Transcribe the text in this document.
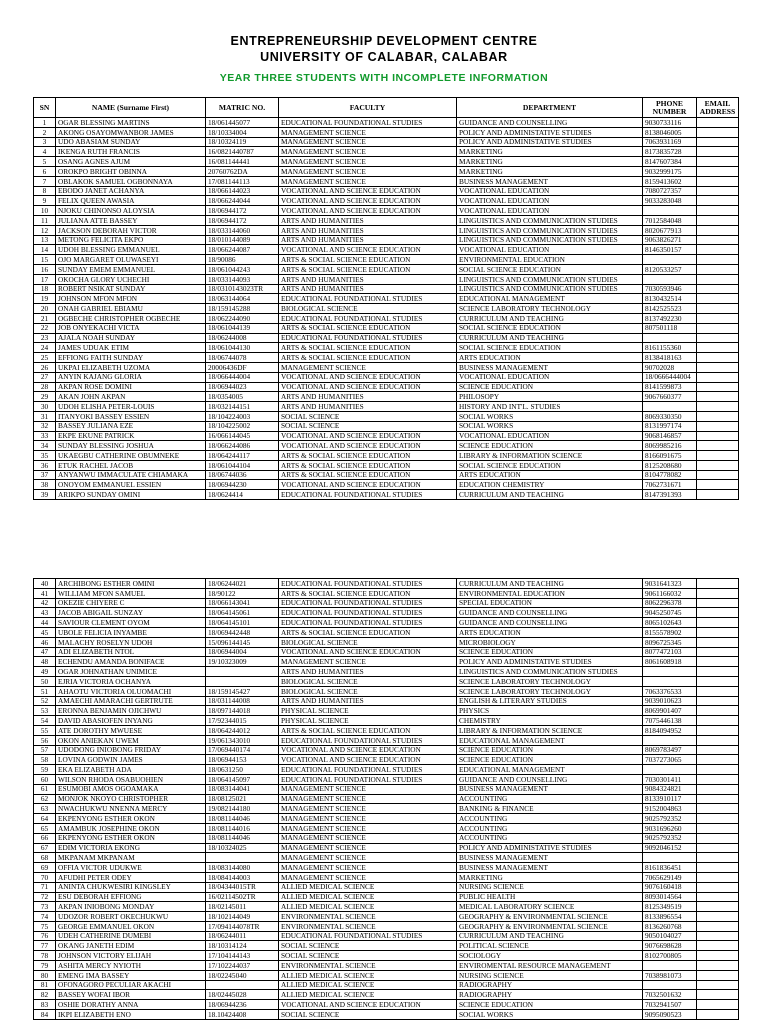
ENTREPRENEURSHIP DEVELOPMENT CENTRE
UNIVERSITY OF CALABAR, CALABAR
YEAR THREE STUDENTS WITH INCOMPLETE INFORMATION
SN	NAME (Surname First)	MATRIC NO.	FACULTY	DEPARTMENT	PHONE NUMBER	EMAIL ADDRESS
1	OGAR BLESSING MARTINS	18/061445077	EDUCATIONAL FOUNDATIONAL STUDIES	GUIDANCE AND COUNSELLING	9030733116	
2	AKONG OSAYOMWANBOR JAMES	18/10334004	MANAGEMENT SCIENCE	POLICY AND ADMINISTATIVE STUDIES	8138046005	
3	UDO ABASIAM SUNDAY	18/10324119	MANAGEMENT SCIENCE	POLICY AND ADMINISTATIVE STUDIES	7063931169	
4	IKENGA RUTH FRANCIS	16/0821440787	MANAGEMENT SCIENCE	MARKETING	8173835728	
5	OSANG AGNES AJUM	16/081144441	MANAGEMENT SCIENCE	MARKETING	8147607384	
6	OROKPO BRIGHT OBINNA	20760762DA	MANAGEMENT SCIENCE	MARKETING	9032999175	
7	OBLAKOK SAMUEL OGBONNAYA	17/081144113	MANAGEMENT SCIENCE	BUSINESS MANAGEMENT	8159413602	
8	EBODO JANET ACHANYA	18/066144023	VOCATIONAL AND SCIENCE EDUCATION	VOCATIONAL EDUCATION	7080727357	
9	FELIX QUEEN AWASIA	18/066244044	VOCATIONAL AND SCIENCE EDUCATION	VOCATIONAL EDUCATION	9033283048	
10	NJOKU CHINONSO ALOYSIA	18/06944172	VOCATIONAL AND SCIENCE EDUCATION	VOCATIONAL EDUCATION		
11	JULIANA ATTE BASSEY	18/06944172	ARTS AND HUMANITIES	LINGUISTICS AND COMMUNICATION STUDIES	7012584048	
12	JACKSON DEBORAH VICTOR	18/033144060	ARTS AND HUMANITIES	LINGUISTICS AND COMMUNICATION STUDIES	8020677913	
13	METONG FELICITA EKPO	18/010144089	ARTS AND HUMANITIES	LINGUISTICS AND COMMUNICATION STUDIES	9063826271	
14	UDOH BLESSING EMMANUEL	18/066244087	VOCATIONAL AND SCIENCE EDUCATION	VOCATIONAL EDUCATION	8146350157	
15	OJO MARGARET OLUWASEYI	18/90086	ARTS & SOCIAL SCIENCE EDUCATION	ENVIRONMENTAL EDUCATION		
16	SUNDAY EMEM EMMANUEL	18/061044243	ARTS & SOCIAL SCIENCE EDUCATION	SOCIAL SCIENCE EDUCATION	8120533257	
17	OKOCHA GLORY UCHECHI	18/033144093	ARTS AND HUMANITIES	LINGUISTICS AND COMMUNICATION STUDIES		
18	ROBERT NSIKAT SUNDAY	18/0310143023TR	ARTS AND HUMANITIES	LINGUISTICS AND COMMUNICATION STUDIES	7030593946	
19	JOHNSON MFON MFON	18/063144064	EDUCATIONAL FOUNDATIONAL STUDIES	EDUCATIONAL MANAGEMENT	8130432514	
20	ONAH GABRIEL EBIAMU	18/159145288	BIOLOGICAL SCIENCE	SCIENCE LABORATORY TECHNOLOGY	8142525523	
21	OGBECHE CHRISTOPHER OGBECHE	18/062244090	EDUCATIONAL FOUNDATIONAL STUDIES	CURRICULUM AND TEACHING	8137492230	
22	JOB ONYEKACHI VICTA	18/061044139	ARTS & SOCIAL SCIENCE EDUCATION	SOCIAL SCIENCE EDUCATION	807501118	
23	AJALA NOAH SUNDAY	18/06244008	EDUCATIONAL FOUNDATIONAL STUDIES	CURRICULUM AND TEACHING		
24	JAMES UDUAK ETIM	18/061044130	ARTS & SOCIAL SCIENCE EDUCATION	SOCIAL SCIENCE EDUCATION	8161155360	
25	EFFIONG FAITH SUNDAY	18/06744078	ARTS & SOCIAL SCIENCE EDUCATION	ARTS EDUCATION	8138418163	
26	UKPAI ELIZABETH UZOMA	20006436DF	MANAGEMENT SCIENCE	BUSINESS MANAGEMENT	90702028	
27	ANYIN KAJANG GLORIA	18/066444004	VOCATIONAL AND SCIENCE EDUCATION	VOCATIONAL EDUCATION	18/0666444004	
28	AKPAN ROSE DOMINI	18/06944023	VOCATIONAL AND SCIENCE EDUCATION	SCIENCE EDUCATION	8141599873	
29	AKAN JOHN AKPAN	18/0354005	ARTS AND HUMANITIES	PHILOSOPY	9067660377	
30	UDOH ELISHA PETER-LOUIS	18/032144151	ARTS AND HUMANITIES	HISTORY AND INT'L. STUDIES		
31	ITANYOKI BASSEY ESSIEN	18/104224003	SOCIAL SCIENCE	SOCIAL WORKS	8069330350	
32	BASSEY JULIANA EZE	18/104225002	SOCIAL SCIENCE	SOCIAL WORKS	8131997174	
33	EKPE EKUNE PATRICK	16/066144045	VOCATIONAL AND SCIENCE EDUCATION	VOCATIONAL EDUCATION	9068146857	
34	SUNDAY BLESSING JOSHUA	18/066244086	VOCATIONAL AND SCIENCE EDUCATION	SCIENCE EDUCATION	8069985216	
35	UKAEGBU CATHERINE OBUMNEKE	18/064244117	ARTS & SOCIAL SCIENCE EDUCATION	LIBRARY & INFORMATION SCIENCE	8166091675	
36	ETUK RACHEL JACOB	18/061044104	ARTS & SOCIAL SCIENCE EDUCATION	SOCIAL SCIENCE EDUCATION	8125208680	
37	ANYANWU IMMACULATE CHIAMAKA	18/06744036	ARTS & SOCIAL SCIENCE EDUCATION	ARTS EDUCATION	8104778082	
38	ONOYOM EMMANUEL ESSIEN	18/06944230	VOCATIONAL AND SCIENCE EDUCATION	EDUCATION CHEMISTRY	7062731671	
39	ARIKPO SUNDAY OMINI	18/0624414	EDUCATIONAL FOUNDATIONAL STUDIES	CURRICULUM AND TEACHING	8147391393	
40	ARCHIBONG ESTHER OMINI	18/06244021	EDUCATIONAL FOUNDATIONAL STUDIES	CURRICULUM AND TEACHING	9031641323	
41	WILLIAM MFON SAMUEL	18/90122	ARTS & SOCIAL SCIENCE EDUCATION	ENVIRONMENTAL EDUCATION	9061166032	
42	OKEZIE CHIYERE C	18/066143041	EDUCATIONAL FOUNDATIONAL STUDIES	SPECIAL EDUCATION	8062296378	
43	JACOB ABIGAIL SUNZAY	18/064145061	EDUCATIONAL FOUNDATIONAL STUDIES	GUIDANCE AND COUNSELLING	9045250745	
44	SAVIOUR CLEMENT OYOM	18/064145101	EDUCATIONAL FOUNDATIONAL STUDIES	GUIDANCE AND COUNSELLING	8065102643	
45	UBOLE FELICIA INYAMBE	18/069442448	ARTS & SOCIAL SCIENCE EDUCATION	ARTS EDUCATION	8155578902	
46	MALACHY ROSELYN UDOH	15/096144145	BIOLOGICAL SCIENCE	MICROBIOLOGY	8096725345	
47	ADI ELIZABETH NTOL	18/06944004	VOCATIONAL AND SCIENCE EDUCATION	SCIENCE EDUCATION	8077472103	
48	ECHENDU AMANDA BONIFACE	19/10323009	MANAGEMENT SCIENCE	POLICY AND ADMINISTATIVE STUDIES	8061608918	
49	OGAR JOHNATHAN UNIMICE		ARTS AND HUMANITIES	LINGUISTICS AND COMMUNICATION STUDIES		
50	EJRIA VICTORIA OCHANYA		BIOLOGICAL SCIENCE	SCIENCE LABORATORY TECHNOLOGY		
51	AHAOTU VICTORIA OLUOMACHI	18/159145427	BIOLOGICAL SCIENCE	SCIENCE LABORATORY TECHNOLOGY	7063376533	
52	AMAECHI AMARACHI GERTRUTE	18/031144008	ARTS AND HUMANITIES	ENGLISH & LITERARY STUDIES	9039010623	
53	ERONNA BENJAMIN OJICHWU	18/097144018	PHYSICAL SCIENCE	PHYSICS	8069901407	
54	DAVID ABASIOFEN INYANG	17/92344015	PHYSICAL SCIENCE	CHEMISTRY	7075446138	
55	ATE DOROTHY MWUESE	18/064244012	ARTS & SOCIAL SCIENCE EDUCATION	LIBRARY & INFORMATION SCIENCE	8184094952	
56	OKON ANIEKAN UWEM	19/061343010	EDUCATIONAL FOUNDATIONAL STUDIES	EDUCATIONAL MANAGEMENT		
57	UDODONG INIOBONG FRIDAY	17/069440174	VOCATIONAL AND SCIENCE EDUCATION	SCIENCE EDUCATION	8069783497	
58	LOVINA GODWIN JAMES	18/06944153	VOCATIONAL AND SCIENCE EDUCATION	SCIENCE EDUCATION	7037273065	
59	EKA ELIZABETH ADA	18/0631250	EDUCATIONAL FOUNDATIONAL STUDIES	EDUCATIONAL MANAGEMENT		
60	WILSON RHODA OSABUOHIEN	18/064145097	EDUCATIONAL FOUNDATIONAL STUDIES	GUIDANCE AND COUNSELLING	7030301411	
61	ESUMOBI AMOS OGOAMAKA	18/083144041	MANAGEMENT SCIENCE	BUSINESS MANAGEMENT	9084324821	
62	MONJOK NKOYO CHRISTOPHER	18/08125021	MANAGEMENT SCIENCE	ACCOUNTING	8133910117	
63	NWACHUKWU NNENNA MERCY	19/082144180	MANAGEMENT SCIENCE	BANKING & FINANCE	9152004863	
64	EKPENYONG ESTHER OKON	18/081144046	MANAGEMENT SCIENCE	ACCOUNTING	9025792352	
65	AMAMBUK JOSEPHINE OKON	18/081144016	MANAGEMENT SCIENCE	ACCOUNTING	9031696260	
66	EKPENYONG ESTHER OKON	18/081144046	MANAGEMENT SCIENCE	ACCOUNTING	9025792352	
67	EDIM VICTORIA EKONG	18/10324025	MANAGEMENT SCIENCE	POLICY AND ADMINISTATIVE STUDIES	9092046152	
68	MKPANAM MKPANAM		MANAGEMENT SCIENCE	BUSINESS MANAGEMENT		
69	OFFIA VICTOR UDUKWE	18/083144080	MANAGEMENT SCIENCE	BUSINESS MANAGEMENT	8161836451	
70	AFUDHI PETER ODEY	18/084144003	MANAGEMENT SCIENCE	MARKETING	7065629149	
71	ANINTA CHUKWESIRI KINGSLEY	18/04344015TR	ALLIED MEDICAL SCIENCE	NURSING SCIENCE	9076160418	
72	ESU DEBORAH EFFIONG	16/02114502TR	ALLIED MEDICAL SCIENCE	PUBLIC HEALTH	8093014564	
73	AKPAN INIOBONG MONDAY	18/02145011	ALLIED MEDICAL SCIENCE	MEDICAL LABORATORY SCIENCE	8125349519	
74	UDOZOR ROBERT OKECHUKWU	18/102144049	ENVIRONMENTAL SCIENCE	GEOGRAPHY & ENVIRONMENTAL SCIENCE	8133896554	
75	GEORGE EMMANUEL OKON	17/094144078TR	ENVIRONMENTAL SCIENCE	GEOGRAPHY & ENVIRONMENTAL SCIENCE	8136260768	
76	UDEH CATHERINE DUMEBI	18/06244011	EDUCATIONAL FOUNDATIONAL STUDIES	CURRICULUM AND TEACHING	9050104027	
77	OKANG JANETH EDIM	18/10314124	SOCIAL SCIENCE	POLITICAL SCIENCE	9076698628	
78	JOHNSON VICTORY ELIJAH	17/104144143	SOCIAL SCIENCE	SOCIOLOGY	8102700805	
79	ASHITA MERCY NYIOTH	17/102244037	ENVIRONMENTAL SCIENCE	ENVIROMENTAL RESOURCE MANAGEMENT		
80	EMENG IMA BASSEY	18/02245040	ALLIED MEDICAL SCIENCE	NURSING SCIENCE	7038981073	
81	OFONAGORO PECULIAR AKACHI		ALLIED MEDICAL SCIENCE	RADIOGRAPHY		
82	BASSEY WOFAI IBOR	18/02445028	ALLIED MEDICAL SCIENCE	RADIOGRAPHY	7032501632	
83	OSHIE DORATHY ANNA	18/06944236	VOCATIONAL AND SCIENCE EDUCATION	SCIENCE EDUCATION	7032941507	
84	IKPI ELIZABETH ENO	18.10424408	SOCIAL SCIENCE	SOCIAL WORKS	9095090523	
